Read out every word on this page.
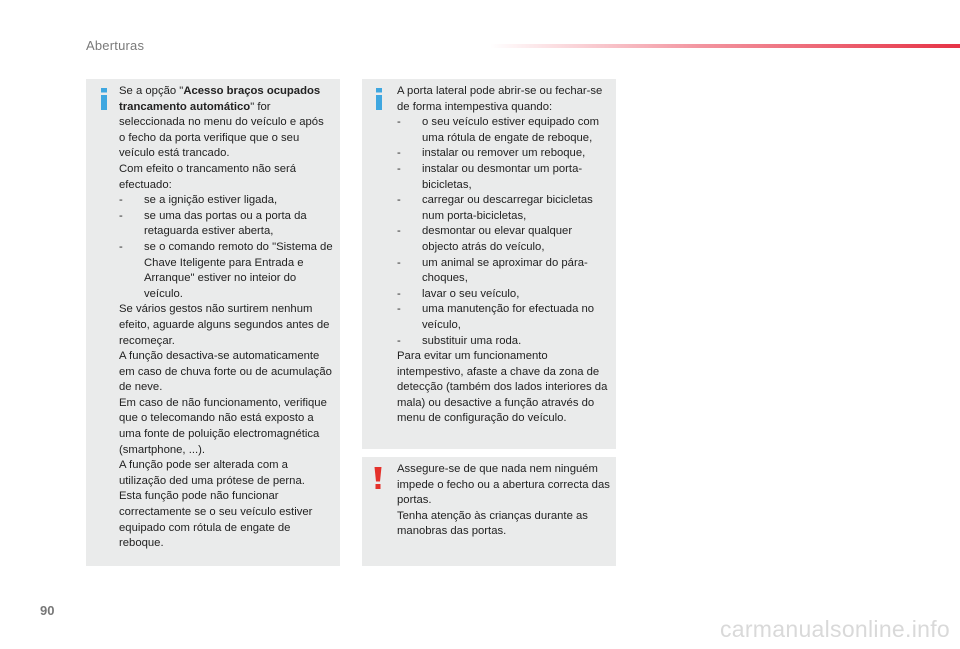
Aberturas

Se a opção "Acesso braços ocupados trancamento automático" for seleccionada no menu do veículo e após o fecho da porta verifique que o seu veículo está trancado.

Com efeito o trancamento não será efectuado:

- se a ignição estiver ligada,
- se uma das portas ou a porta da retaguarda estiver aberta,
- se o comando remoto do "Sistema de Chave Iteligente para Entrada e Arranque" estiver no inteior do veículo.

Se vários gestos não surtirem nenhum efeito, aguarde alguns segundos antes de recomeçar.

A função desactiva-se automaticamente em caso de chuva forte ou de acumulação de neve.

Em caso de não funcionamento, verifique que o telecomando não está exposto a uma fonte de poluição electromagnética (smartphone, ...).

A função pode ser alterada com a utilização ded uma prótese de perna.

Esta função pode não funcionar correctamente se o seu veículo estiver equipado com rótula de engate de reboque.

A porta lateral pode abrir-se ou fechar-se de forma intempestiva quando:

- o seu veículo estiver equipado com uma rótula de engate de reboque,
- instalar ou remover um reboque,
- instalar ou desmontar um porta-bicicletas,
- carregar ou descarregar bicicletas num porta-bicicletas,
- desmontar ou elevar qualquer objecto atrás do veículo,
- um animal se aproximar do pára-choques,
- lavar o seu veículo,
- uma manutenção for efectuada no veículo,
- substituir uma roda.

Para evitar um funcionamento intempestivo, afaste a chave da zona de detecção (também dos lados interiores da mala) ou desactive a função através do menu de configuração do veículo.

Assegure-se de que nada nem ninguém impede o fecho ou a abertura correcta das portas.

Tenha atenção às crianças durante as manobras das portas.

90
carmanualsonline.info
